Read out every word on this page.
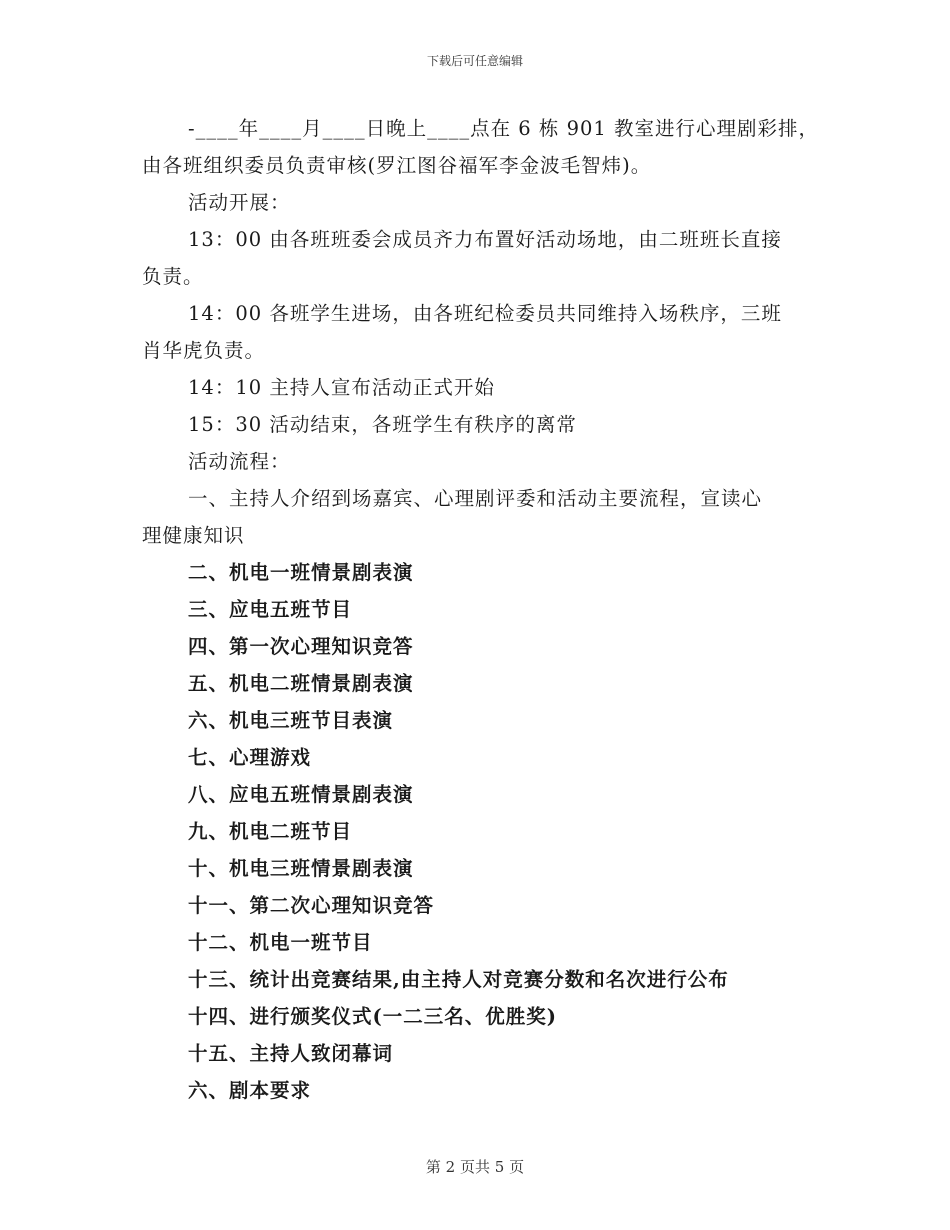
下载后可任意编辑
-____年____月____日晚上____点在 6 栋 901 教室进行心理剧彩排，
由各班组织委员负责审核(罗江图谷福军李金波毛智炜)。
活动开展：
13：00 由各班班委会成员齐力布置好活动场地，由二班班长直接
负责。
14：00 各班学生进场，由各班纪检委员共同维持入场秩序，三班
肖华虎负责。
14：10 主持人宣布活动正式开始
15：30 活动结束，各班学生有秩序的离常
活动流程：
一、主持人介绍到场嘉宾、心理剧评委和活动主要流程，宣读心
理健康知识
二、机电一班情景剧表演
三、应电五班节目
四、第一次心理知识竞答
五、机电二班情景剧表演
六、机电三班节目表演
七、心理游戏
八、应电五班情景剧表演
九、机电二班节目
十、机电三班情景剧表演
十一、第二次心理知识竞答
十二、机电一班节目
十三、统计出竞赛结果,由主持人对竞赛分数和名次进行公布
十四、进行颁奖仪式(一二三名、优胜奖)
十五、主持人致闭幕词
六、剧本要求
第 2 页共 5 页
